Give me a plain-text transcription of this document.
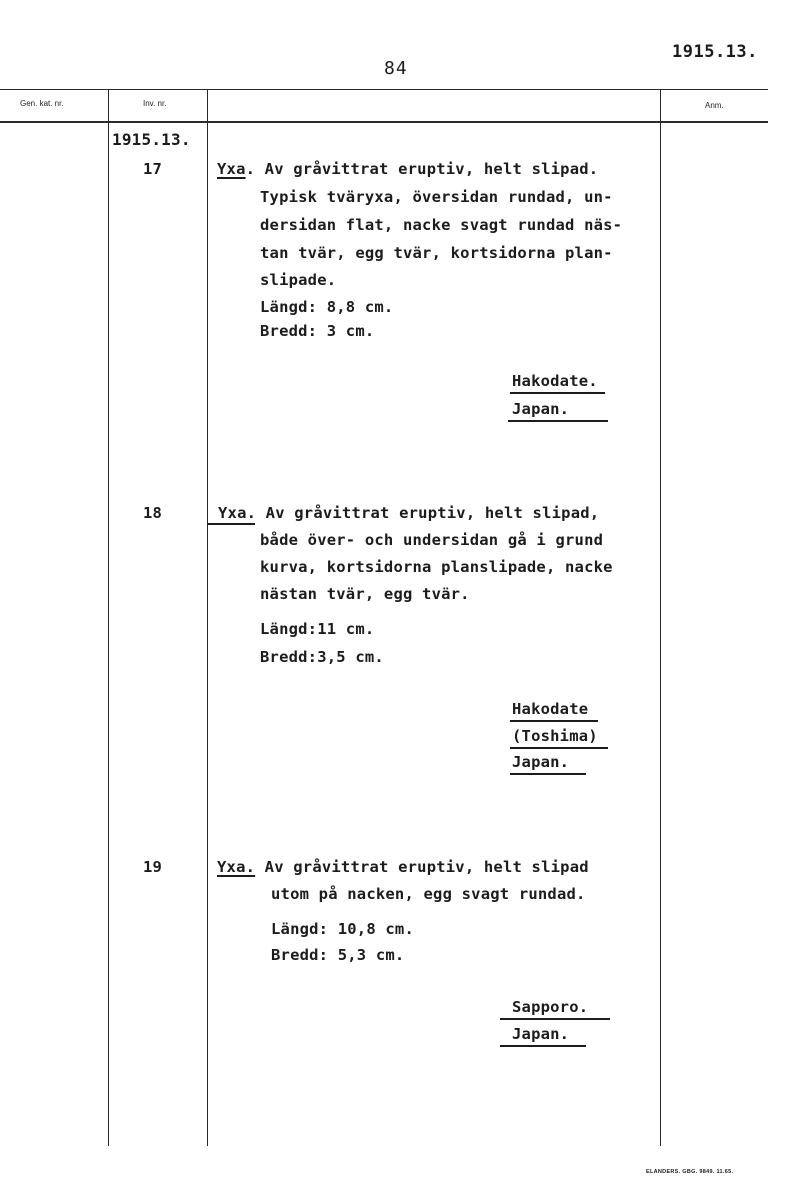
84
1915.13.
Gen. kat. nr.	Inv. nr.	Anm.
1915.13.
17	Yxa. Av gråvittrat eruptiv, helt slipad.
Typisk tväryxa, översidan rundad, un-
dersidan flat, nacke svagt rundad näs-
tan tvär, egg tvär, kortsidorna plan-
slipade.
Längd: 8,8 cm.
Bredd: 3 cm.
Hakodate.
Japan.
18	Yxa. Av gråvittrat eruptiv, helt slipad,
både över- och undersidan gå i grund
kurva, kortsidorna planslipade, nacke
nästan tvär, egg tvär.
Längd:11 cm.
Bredd:3,5 cm.
Hakodate
(Toshima)
Japan.
19	Yxa. Av gråvittrat eruptiv, helt slipad
utom på nacken, egg svagt rundad.
Längd: 10,8 cm.
Bredd: 5,3 cm.
Sapporo.
Japan.
ELANDERS. GBG. 9849. 11.65.
